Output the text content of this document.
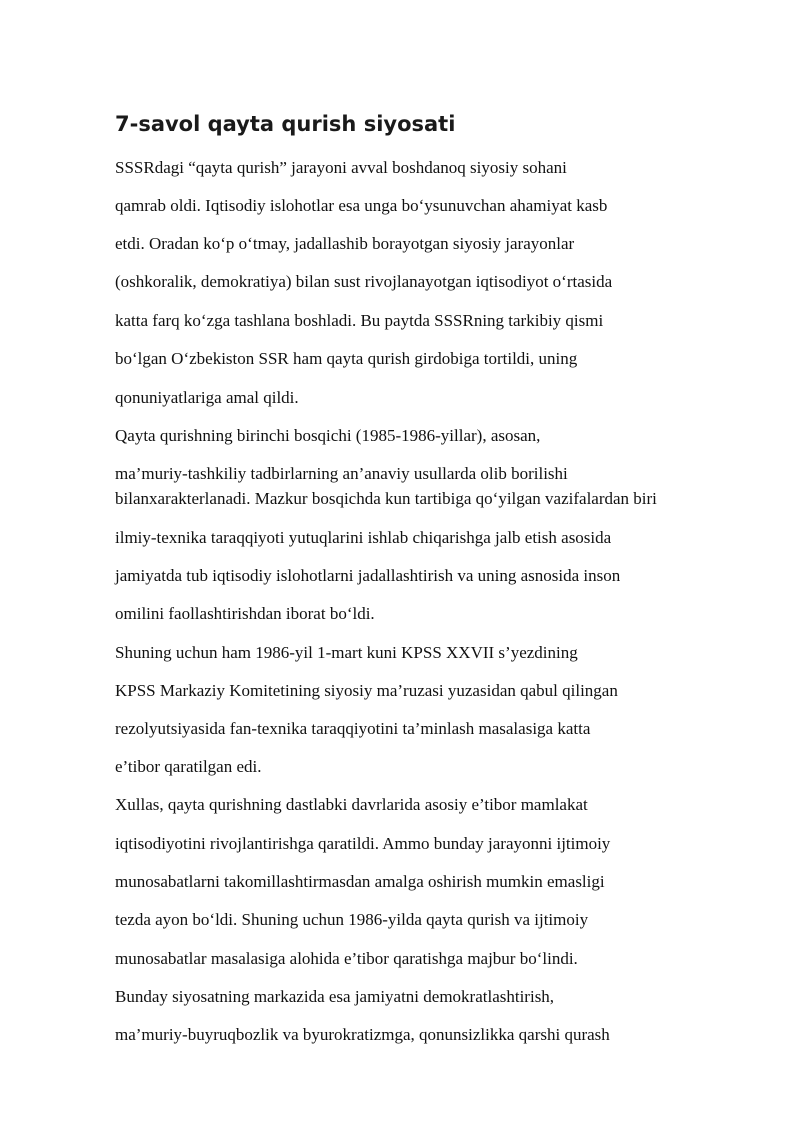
7-savol qayta qurish siyosati

SSSRdagi “qayta qurish” jarayoni avval boshdanoq siyosiy sohani

qamrab oldi. Iqtisodiy islohotlar esa unga bo‘ysunuvchan ahamiyat kasb

etdi. Oradan ko‘p o‘tmay, jadallashib borayotgan siyosiy jarayonlar

(oshkoralik, demokratiya) bilan sust rivojlanayotgan iqtisodiyot o‘rtasida

katta farq ko‘zga tashlana boshladi. Bu paytda SSSRning tarkibiy qismi

bo‘lgan O‘zbekiston SSR ham qayta qurish girdobiga tortildi, uning

qonuniyatlariga amal qildi.

Qayta qurishning birinchi bosqichi (1985-1986-yillar), asosan,

ma’muriy-tashkiliy tadbirlarning an’anaviy usullarda olib borilishi

bilanxarakterlanadi. Mazkur bosqichda kun tartibiga qo‘yilgan vazifalardan biri

ilmiy-texnika taraqqiyoti yutuqlarini ishlab chiqarishga jalb etish asosida

jamiyatda tub iqtisodiy islohotlarni jadallashtirish va uning asnosida inson

omilini faollashtirishdan iborat bo‘ldi.

Shuning uchun ham 1986-yil 1-mart kuni KPSS XXVII s’yezdining

KPSS Markaziy Komitetining siyosiy ma’ruzasi yuzasidan qabul qilingan

rezolyutsiyasida fan-texnika taraqqiyotini ta’minlash masalasiga katta

e’tibor qaratilgan edi.

Xullas, qayta qurishning dastlabki davrlarida asosiy e’tibor mamlakat

iqtisodiyotini rivojlantirishga qaratildi. Ammo bunday jarayonni ijtimoiy

munosabatlarni takomillashtirmasdan amalga oshirish mumkin emasligi

tezda ayon bo‘ldi. Shuning uchun 1986-yilda qayta qurish va ijtimoiy

munosabatlar masalasiga alohida e’tibor qaratishga majbur bo‘lindi.

Bunday siyosatning markazida esa jamiyatni demokratlashtirish,

ma’muriy-buyruqbozlik va byurokratizmga, qonunsizlikka qarshi qurash
